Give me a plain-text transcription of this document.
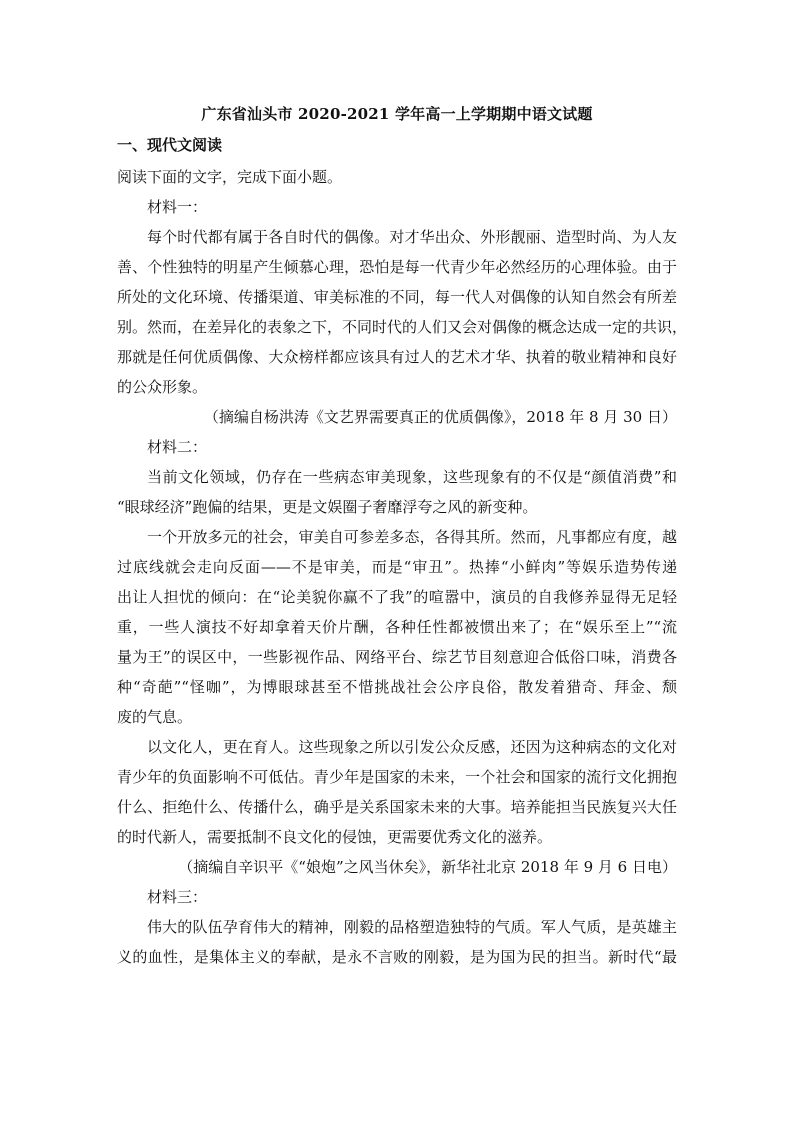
广东省汕头市 2020-2021 学年高一上学期期中语文试题
一、现代文阅读

阅读下面的文字，完成下面小题。

材料一：

每个时代都有属于各自时代的偶像。对才华出众、外形靓丽、造型时尚、为人友
善、个性独特的明星产生倾慕心理，恐怕是每一代青少年必然经历的心理体验。由于
所处的文化环境、传播渠道、审美标准的不同，每一代人对偶像的认知自然会有所差
别。然而，在差异化的表象之下，不同时代的人们又会对偶像的概念达成一定的共识，
那就是任何优质偶像、大众榜样都应该具有过人的艺术才华、执着的敬业精神和良好
的公众形象。

（摘编自杨洪涛《文艺界需要真正的优质偶像》，2018 年 8 月 30 日）

材料二：

当前文化领域，仍存在一些病态审美现象，这些现象有的不仅是“颜值消费”和
“眼球经济”跑偏的结果，更是文娱圈子奢靡浮夸之风的新变种。
一个开放多元的社会，审美自可参差多态，各得其所。然而，凡事都应有度，越
过底线就会走向反面——不是审美，而是“审丑”。热捧“小鲜肉”等娱乐造势传递
出让人担忧的倾向：在“论美貌你赢不了我”的喧嚣中，演员的自我修养显得无足轻
重，一些人演技不好却拿着天价片酬，各种任性都被惯出来了；在“娱乐至上”“流
量为王”的误区中，一些影视作品、网络平台、综艺节目刻意迎合低俗口味，消费各
种“奇葩”“怪咖”，为博眼球甚至不惜挑战社会公序良俗，散发着猎奇、拜金、颓
废的气息。
以文化人，更在育人。这些现象之所以引发公众反感，还因为这种病态的文化对
青少年的负面影响不可低估。青少年是国家的未来，一个社会和国家的流行文化拥抱
什么、拒绝什么、传播什么，确乎是关系国家未来的大事。培养能担当民族复兴大任
的时代新人，需要抵制不良文化的侵蚀，更需要优秀文化的滋养。

（摘编自辛识平《“娘炮”之风当休矣》，新华社北京 2018 年 9 月 6 日电）

材料三：

伟大的队伍孕育伟大的精神，刚毅的品格塑造独特的气质。军人气质，是英雄主
义的血性，是集体主义的奉献，是永不言败的刚毅，是为国为民的担当。新时代“最
